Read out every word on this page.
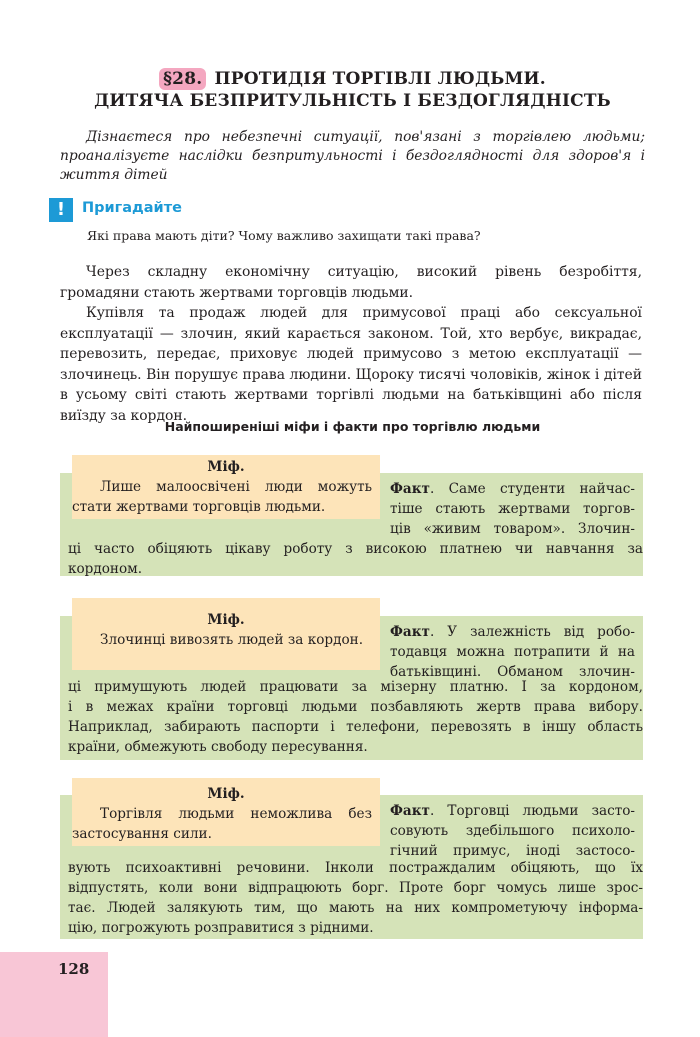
§28. ПРОТИДІЯ ТОРГІВЛІ ЛЮДЬМИ.
ДИТЯЧА БЕЗПРИТУЛЬНІСТЬ І БЕЗДОГЛЯДНІСТЬ
Дізнаєтеся про небезпечні ситуації, пов'язані з торгівлею людьми; проаналізуєте наслідки безпритульності і бездоглядності для здоров'я і життя дітей
!	Пригадайте
Які права мають діти? Чому важливо захищати такі права?

Через складну економічну ситуацію, високий рівень безробіття, громадяни стають жертвами торговців людьми.

Купівля та продаж людей для примусової праці або сексуальної експлуатації — злочин, який карається законом. Той, хто вербує, викрадає, перевозить, передає, приховує людей примусово з метою експлуатації — злочинець. Він порушує права людини. Щороку тисячі чоловіків, жінок і дітей в усьому світі стають жертвами торгівлі людьми на батьківщині або після виїзду за кордон.

Найпоширеніші міфи і факти про торгівлю людьми
Міф.
Лише малоосвічені люди можуть стати жертвами торговців людьми.
Факт. Саме студенти найчас-
тіше стають жертвами торгов-
ців «живим товаром». Злочин-
ці часто обіцяють цікаву роботу з високою платнею чи навчання за
кордоном.
Міф.
Злочинці вивозять людей за кордон.	Факт. У залежність від робо-
тодавця можна потрапити й на
батьківщині. Обманом злочин-
ці примушують людей працювати за мізерну платню. І за кордоном,
і в межах країни торговці людьми позбавляють жертв права вибору.
Наприклад, забирають паспорти і телефони, перевозять в іншу область
країни, обмежують свободу пересування.
Міф.
Торгівля людьми неможлива без застосування сили.
Факт. Торговці людьми засто-
совують здебільшого психоло-
гічний примус, іноді застосо-
вують психоактивні речовини. Інколи постраждалим обіцяють, що їх
відпустять, коли вони відпрацюють борг. Проте борг чомусь лише зрос-
тає. Людей залякують тим, що мають на них компрометуючу інформа-
цію, погрожують розправитися з рідними.
128
